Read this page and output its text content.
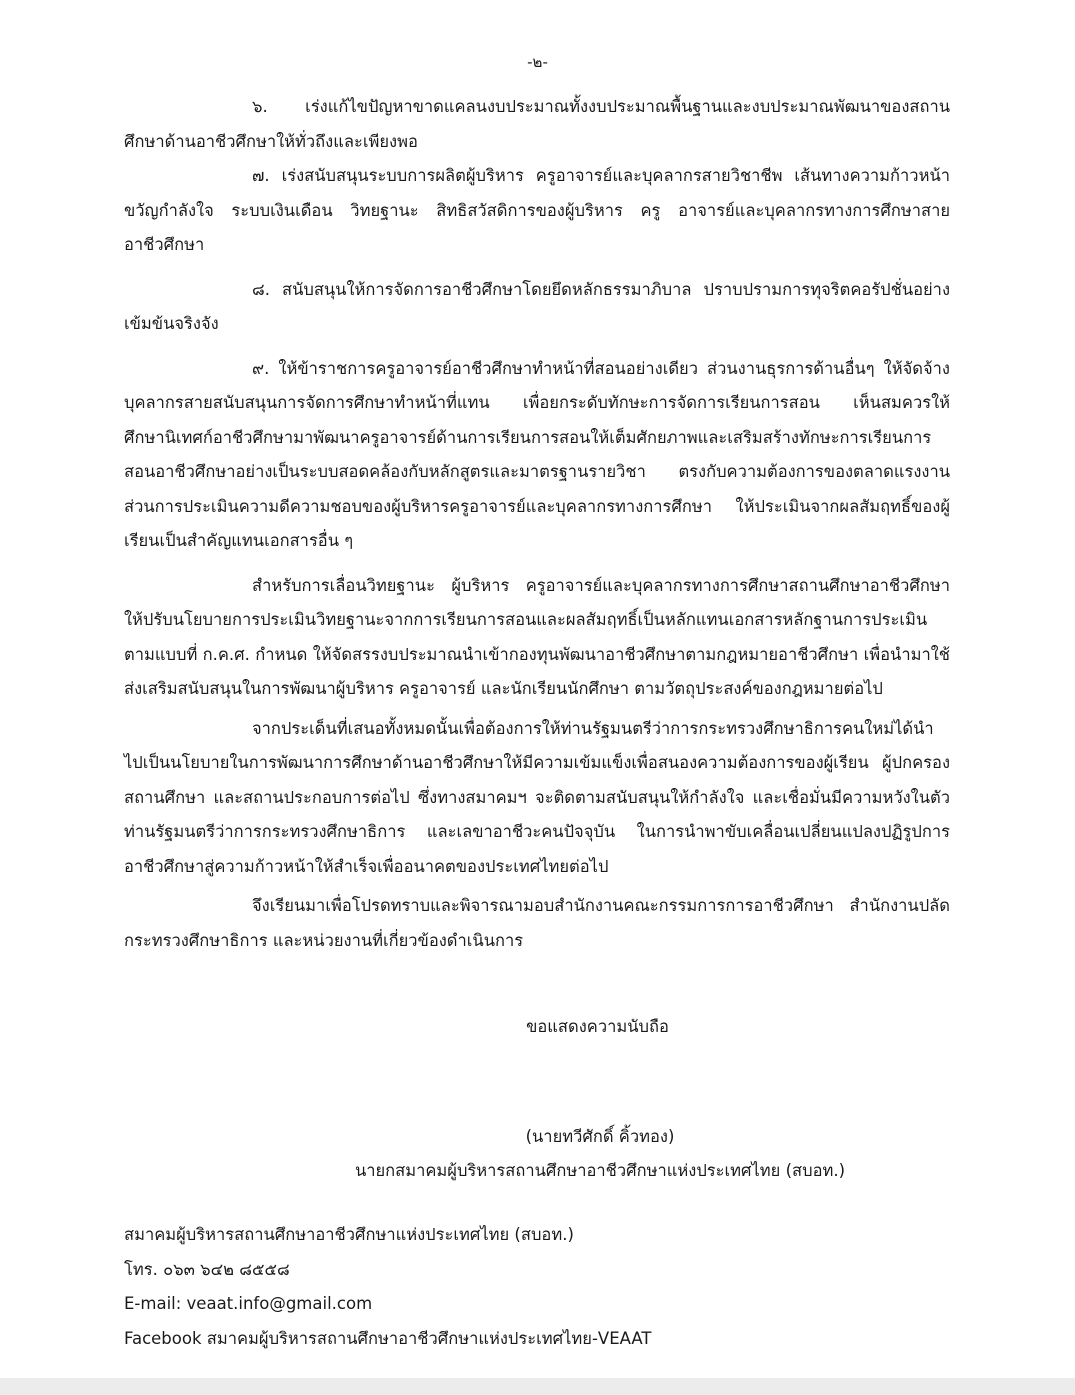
-๒-

๖. เร่งแก้ไขปัญหาขาดแคลนงบประมาณทั้งงบประมาณพื้นฐานและงบประมาณพัฒนาของสถานศึกษาด้านอาชีวศึกษาให้ทั่วถึงและเพียงพอ

๗. เร่งสนับสนุนระบบการผลิตผู้บริหาร ครูอาจารย์และบุคลากรสายวิชาชีพ เส้นทางความก้าวหน้า ขวัญกำลังใจ ระบบเงินเดือน วิทยฐานะ สิทธิสวัสดิการของผู้บริหาร ครู อาจารย์และบุคลากรทางการศึกษาสายอาชีวศึกษา

๘. สนับสนุนให้การจัดการอาชีวศึกษาโดยยึดหลักธรรมาภิบาล ปราบปรามการทุจริตคอรัปชั่นอย่างเข้มข้นจริงจัง

๙. ให้ข้าราชการครูอาจารย์อาชีวศึกษาทำหน้าที่สอนอย่างเดียว ส่วนงานธุรการด้านอื่นๆ ให้จัดจ้างบุคลากรสายสนับสนุนการจัดการศึกษาทำหน้าที่แทน เพื่อยกระดับทักษะการจัดการเรียนการสอน เห็นสมควรให้ศึกษานิเทศก์อาชีวศึกษามาพัฒนาครูอาจารย์ด้านการเรียนการสอนให้เต็มศักยภาพและเสริมสร้างทักษะการเรียนการสอนอาชีวศึกษาอย่างเป็นระบบสอดคล้องกับหลักสูตรและมาตรฐานรายวิชา ตรงกับความต้องการของตลาดแรงงาน ส่วนการประเมินความดีความชอบของผู้บริหารครูอาจารย์และบุคลากรทางการศึกษา ให้ประเมินจากผลสัมฤทธิ์ของผู้เรียนเป็นสำคัญแทนเอกสารอื่น ๆ

สำหรับการเลื่อนวิทยฐานะ ผู้บริหาร ครูอาจารย์และบุคลากรทางการศึกษาสถานศึกษาอาชีวศึกษา ให้ปรับนโยบายการประเมินวิทยฐานะจากการเรียนการสอนและผลสัมฤทธิ์เป็นหลักแทนเอกสารหลักฐานการประเมินตามแบบที่ ก.ค.ศ. กำหนด ให้จัดสรรงบประมาณนำเข้ากองทุนพัฒนาอาชีวศึกษาตามกฎหมายอาชีวศึกษา เพื่อนำมาใช้ส่งเสริมสนับสนุนในการพัฒนาผู้บริหาร ครูอาจารย์ และนักเรียนนักศึกษา ตามวัตถุประสงค์ของกฎหมายต่อไป

จากประเด็นที่เสนอทั้งหมดนั้นเพื่อต้องการให้ท่านรัฐมนตรีว่าการกระทรวงศึกษาธิการคนใหม่ได้นำไปเป็นนโยบายในการพัฒนาการศึกษาด้านอาชีวศึกษาให้มีความเข้มแข็งเพื่อสนองความต้องการของผู้เรียน ผู้ปกครอง สถานศึกษา และสถานประกอบการต่อไป ซึ่งทางสมาคมฯ จะติดตามสนับสนุนให้กำลังใจ และเชื่อมั่นมีความหวังในตัวท่านรัฐมนตรีว่าการกระทรวงศึกษาธิการ และเลขาอาชีวะคนปัจจุบัน ในการนำพาขับเคลื่อนเปลี่ยนแปลงปฏิรูปการอาชีวศึกษาสู่ความก้าวหน้าให้สำเร็จเพื่ออนาคตของประเทศไทยต่อไป

จึงเรียนมาเพื่อโปรดทราบและพิจารณามอบสำนักงานคณะกรรมการการอาชีวศึกษา สำนักงานปลัดกระทรวงศึกษาธิการ และหน่วยงานที่เกี่ยวข้องดำเนินการ

ขอแสดงความนับถือ
(นายทวีศักดิ์ คิ้วทอง)
นายกสมาคมผู้บริหารสถานศึกษาอาชีวศึกษาแห่งประเทศไทย (สบอท.)
สมาคมผู้บริหารสถานศึกษาอาชีวศึกษาแห่งประเทศไทย (สบอท.)
โทร. ๐๖๓ ๖๔๒ ๘๕๕๘
E-mail: veaat.info@gmail.com
Facebook สมาคมผู้บริหารสถานศึกษาอาชีวศึกษาแห่งประเทศไทย-VEAAT
